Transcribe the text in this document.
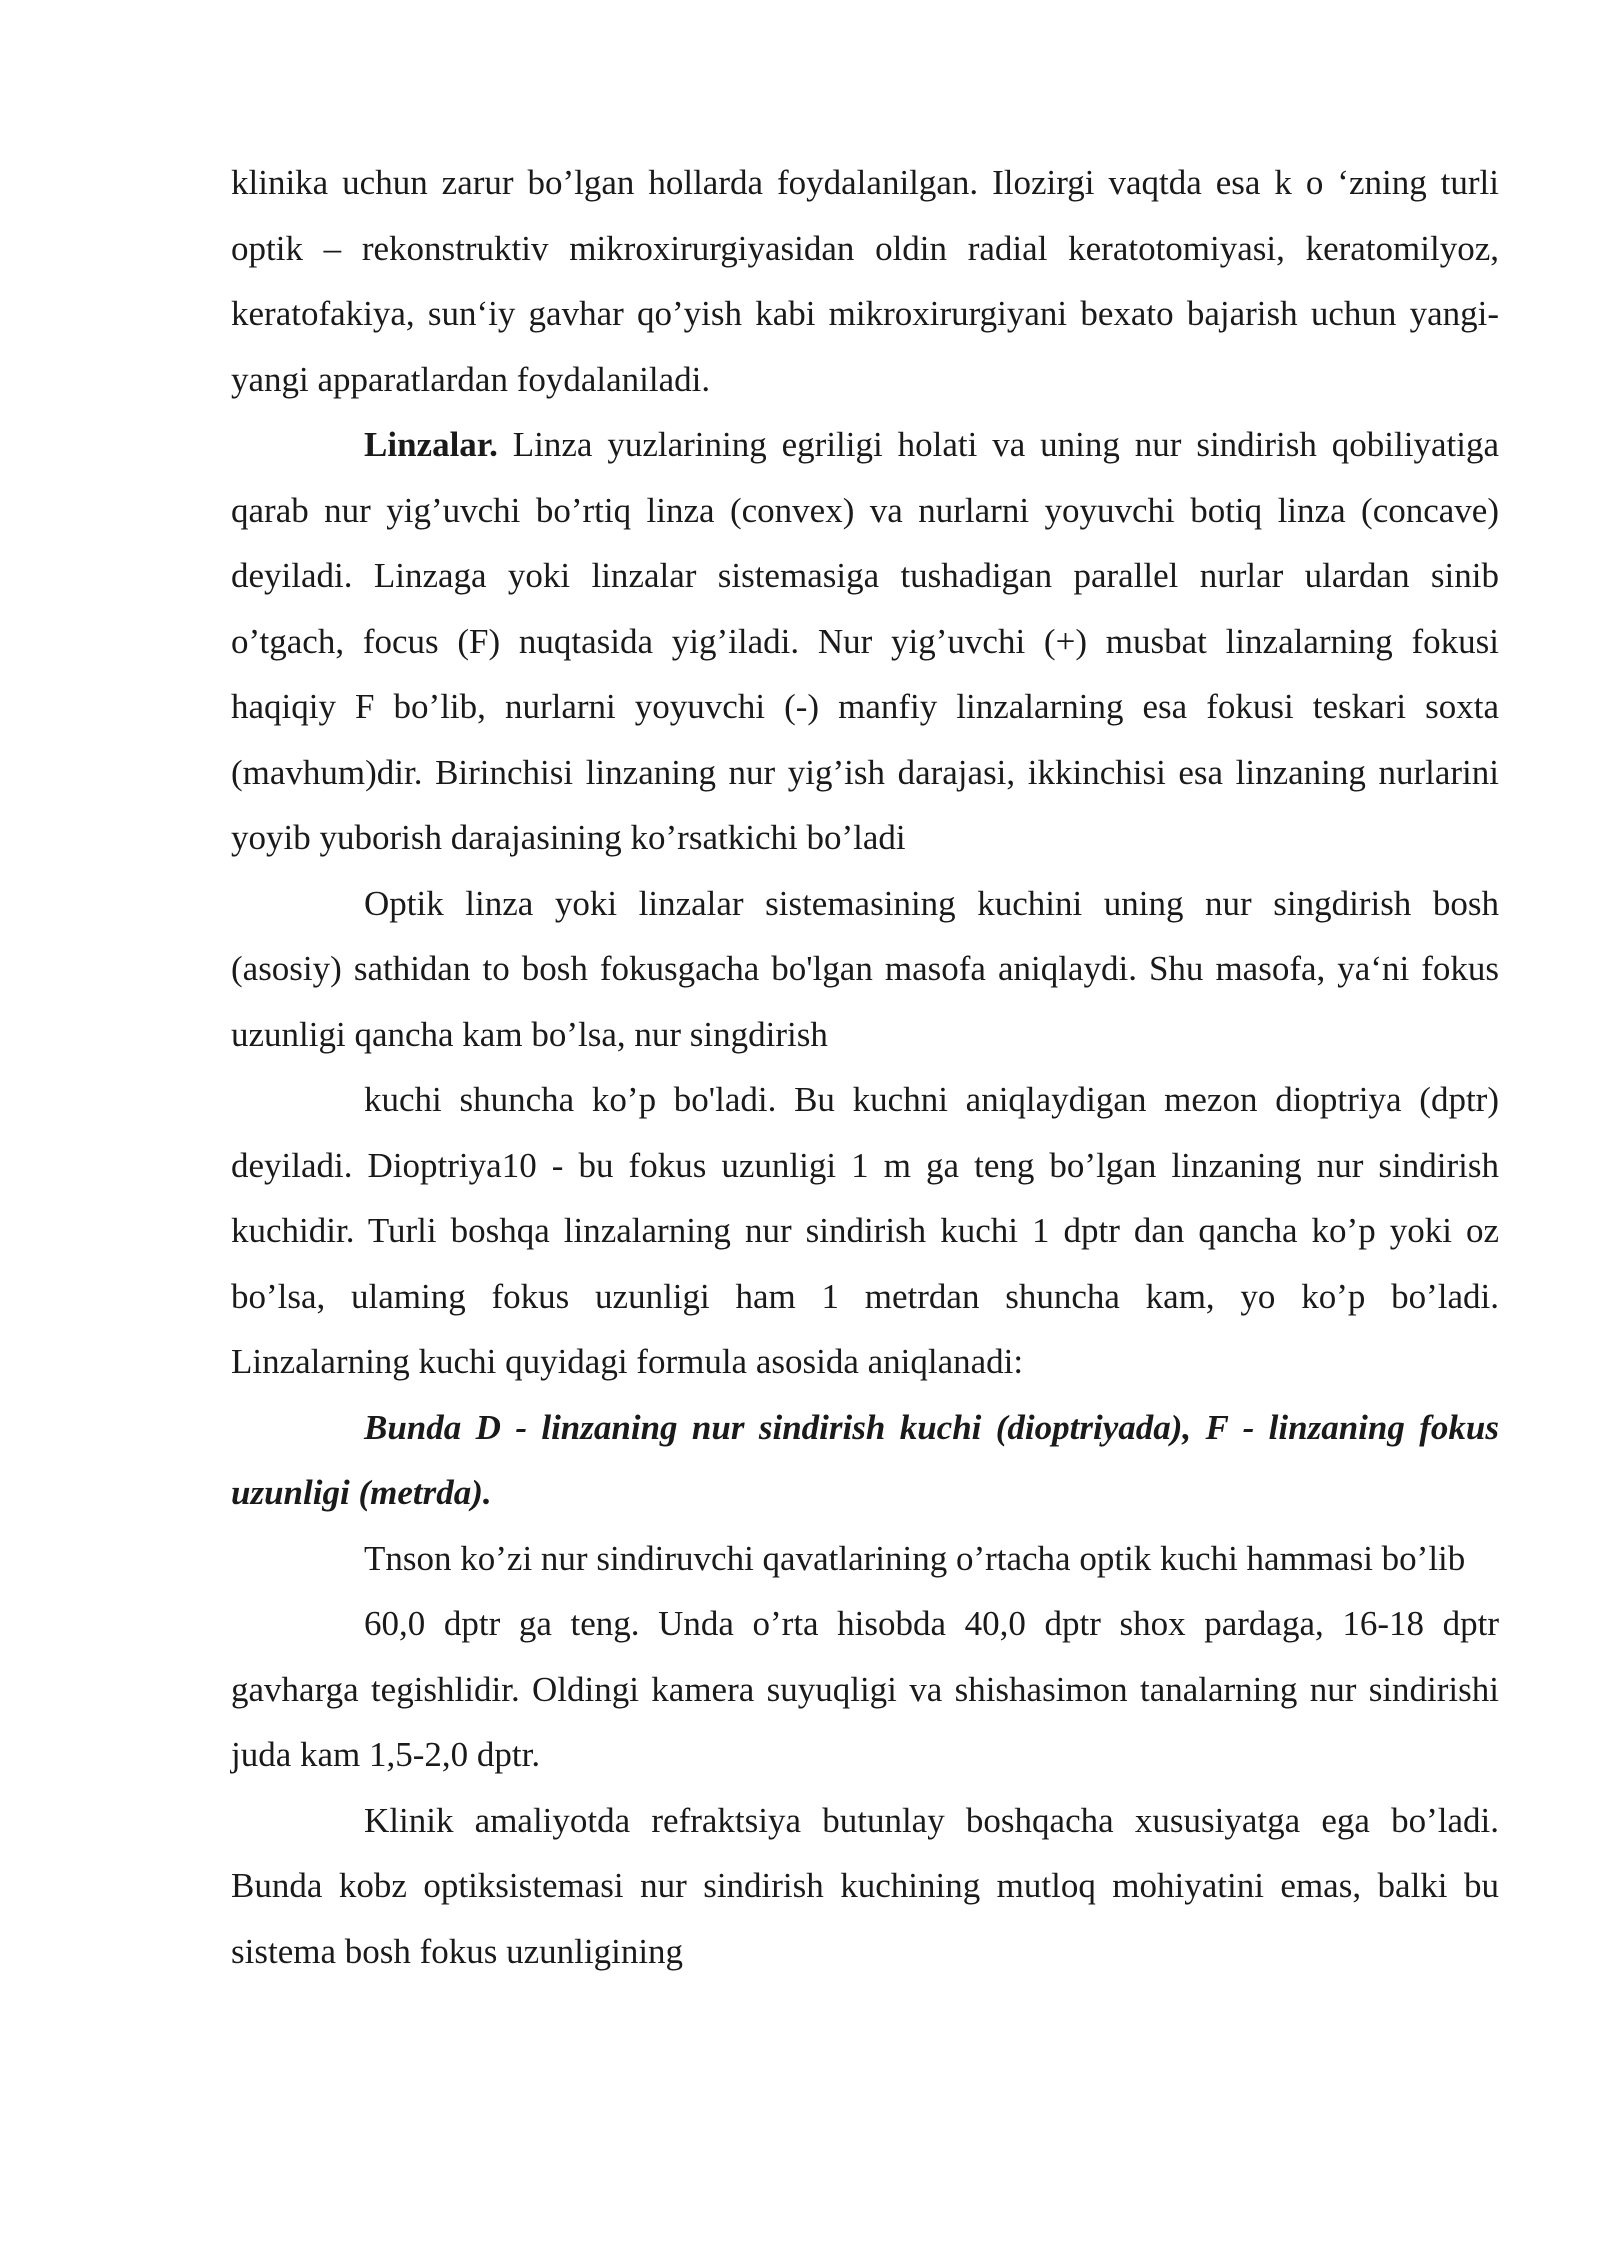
klinika uchun zarur bo’lgan hollarda foydalanilgan. Ilozirgi vaqtda esa k o ‘zning turli optik – rekonstruktiv mikroxirurgiyasidan oldin radial keratotomiyasi, keratomilyoz, keratofakiya, sun‘iy gavhar qo’yish kabi mikroxirurgiyani bexato bajarish uchun yangi-yangi apparatlardan foydalaniladi.

Linzalar. Linza yuzlarining egriligi holati va uning nur sindirish qobiliyatiga qarab nur yig’uvchi bo’rtiq linza (convex) va nurlarni yoyuvchi botiq linza (concave) deyiladi. Linzaga yoki linzalar sistemasiga tushadigan parallel nurlar ulardan sinib o’tgach, focus (F) nuqtasida yig’iladi. Nur yig’uvchi (+) musbat linzalarning fokusi haqiqiy F bo’lib, nurlarni yoyuvchi (-) manfiy linzalarning esa fokusi teskari soxta (mavhum)dir. Birinchisi linzaning nur yig’ish darajasi, ikkinchisi esa linzaning nurlarini yoyib yuborish darajasining ko’rsatkichi bo’ladi

Optik linza yoki linzalar sistemasining kuchini uning nur singdirish bosh (asosiy) sathidan to bosh fokusgacha bo'lgan masofa aniqlaydi. Shu masofa, ya‘ni fokus uzunligi qancha kam bo’lsa, nur singdirish

kuchi shuncha ko’p bo'ladi. Bu kuchni aniqlaydigan mezon dioptriya (dptr) deyiladi. Dioptriya10 - bu fokus uzunligi 1 m ga teng bo’lgan linzaning nur sindirish kuchidir. Turli boshqa linzalarning nur sindirish kuchi 1 dptr dan qancha ko’p yoki oz bo’lsa, ulaming fokus uzunligi ham 1 metrdan shuncha kam, yo ko’p bo’ladi. Linzalarning kuchi quyidagi formula asosida aniqlanadi:

Bunda D - linzaning nur sindirish kuchi (dioptriyada), F - linzaning fokus uzunligi (metrda).

Tnson ko’zi nur sindiruvchi qavatlarining o’rtacha optik kuchi hammasi bo’lib

60,0 dptr ga teng. Unda o’rta hisobda 40,0 dptr shox pardaga, 16-18 dptr gavharga tegishlidir. Oldingi kamera suyuqligi va shishasimon tanalarning nur sindirishi juda kam 1,5-2,0 dptr.

Klinik amaliyotda refraktsiya butunlay boshqacha xususiyatga ega bo’ladi. Bunda kobz optiksistemasi nur sindirish kuchining mutloq mohiyatini emas, balki bu sistema bosh fokus uzunligining
